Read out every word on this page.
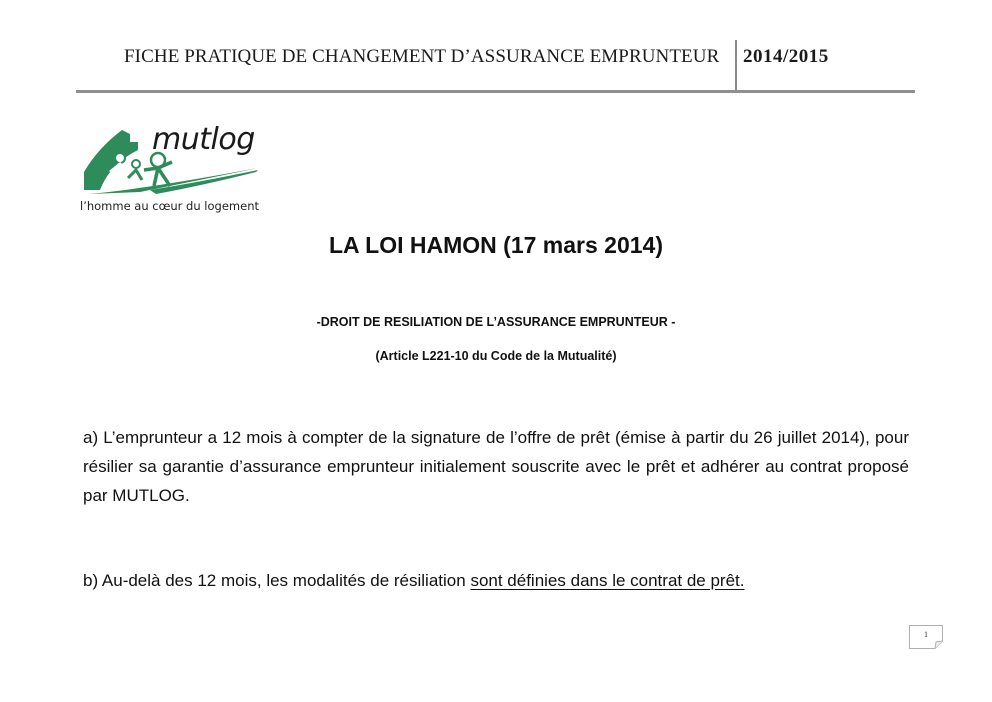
FICHE PRATIQUE DE CHANGEMENT D’ASSURANCE EMPRUNTEUR 2014/2015
mutlog
l’homme au cœur du logement
LA LOI HAMON (17 mars 2014)
-DROIT DE RESILIATION DE L’ASSURANCE EMPRUNTEUR -
(Article L221-10 du Code de la Mutualité)
a) L’emprunteur a 12 mois à compter de la signature de l’offre de prêt (émise à partir du 26 juillet 2014), pour résilier sa garantie d’assurance emprunteur initialement souscrite avec le prêt et adhérer au contrat proposé par MUTLOG.
b) Au-delà des 12 mois, les modalités de résiliation sont définies dans le contrat de prêt.
1
